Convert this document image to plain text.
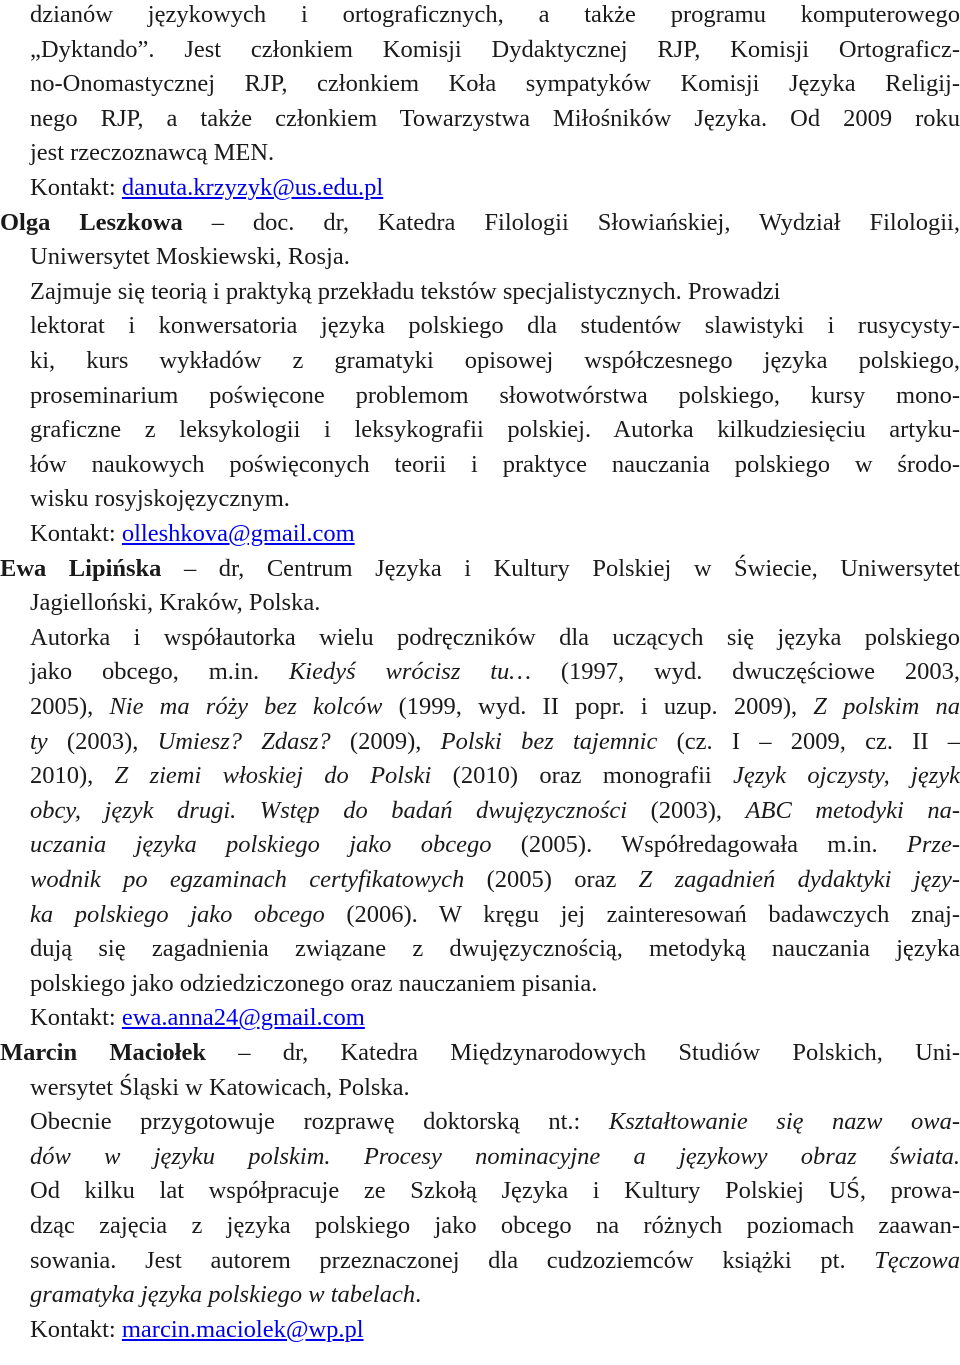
dzianów językowych i ortograficznych, a także programu komputerowego
„Dyktando”. Jest członkiem Komisji Dydaktycznej RJP, Komisji Ortograficz-
no-Onomastycznej RJP, członkiem Koła sympatyków Komisji Języka Religij-
nego RJP, a także członkiem Towarzystwa Miłośników Języka. Od 2009 roku
jest rzeczoznawcą MEN.
Kontakt: danuta.krzyzyk@us.edu.pl
Olga Leszkowa – doc. dr, Katedra Filologii Słowiańskiej, Wydział Filologii,
Uniwersytet Moskiewski, Rosja.
Zajmuje się teorią i praktyką przekładu tekstów specjalistycznych. Prowadzi
lektorat i konwersatoria języka polskiego dla studentów slawistyki i rusycysty-
ki, kurs wykładów z gramatyki opisowej współczesnego języka polskiego,
proseminarium poświęcone problemom słowotwórstwa polskiego, kursy mono-
graficzne z leksykologii i leksykografii polskiej. Autorka kilkudziesięciu artyku-
łów naukowych poświęconych teorii i praktyce nauczania polskiego w środo-
wisku rosyjskojęzycznym.
Kontakt: olleshkova@gmail.com
Ewa Lipińska – dr, Centrum Języka i Kultury Polskiej w Świecie, Uniwersytet
Jagielloński, Kraków, Polska.
Autorka i współautorka wielu podręczników dla uczących się języka polskiego
jako obcego, m.in. Kiedyś wrócisz tu… (1997, wyd. dwuczęściowe 2003,
2005), Nie ma róży bez kolców (1999, wyd. II popr. i uzup. 2009), Z polskim na
ty (2003), Umiesz? Zdasz? (2009), Polski bez tajemnic (cz. I – 2009, cz. II –
2010), Z ziemi włoskiej do Polski (2010) oraz monografii Język ojczysty, język
obcy, język drugi. Wstęp do badań dwujęzyczności (2003), ABC metodyki na-
uczania języka polskiego jako obcego (2005). Współredagowała m.in. Prze-
wodnik po egzaminach certyfikatowych (2005) oraz Z zagadnień dydaktyki języ-
ka polskiego jako obcego (2006). W kręgu jej zainteresowań badawczych znaj-
dują się zagadnienia związane z dwujęzycznością, metodyką nauczania języka
polskiego jako odziedziczonego oraz nauczaniem pisania.
Kontakt: ewa.anna24@gmail.com
Marcin Maciołek – dr, Katedra Międzynarodowych Studiów Polskich, Uni-
wersytet Śląski w Katowicach, Polska.
Obecnie przygotowuje rozprawę doktorską nt.: Kształtowanie się nazw owa-
dów w języku polskim. Procesy nominacyjne a językowy obraz świata.
Od kilku lat współpracuje ze Szkołą Języka i Kultury Polskiej UŚ, prowa-
dząc zajęcia z języka polskiego jako obcego na różnych poziomach zaawan-
sowania. Jest autorem przeznaczonej dla cudzoziemców książki pt. Tęczowa
gramatyka języka polskiego w tabelach.
Kontakt: marcin.maciolek@wp.pl
